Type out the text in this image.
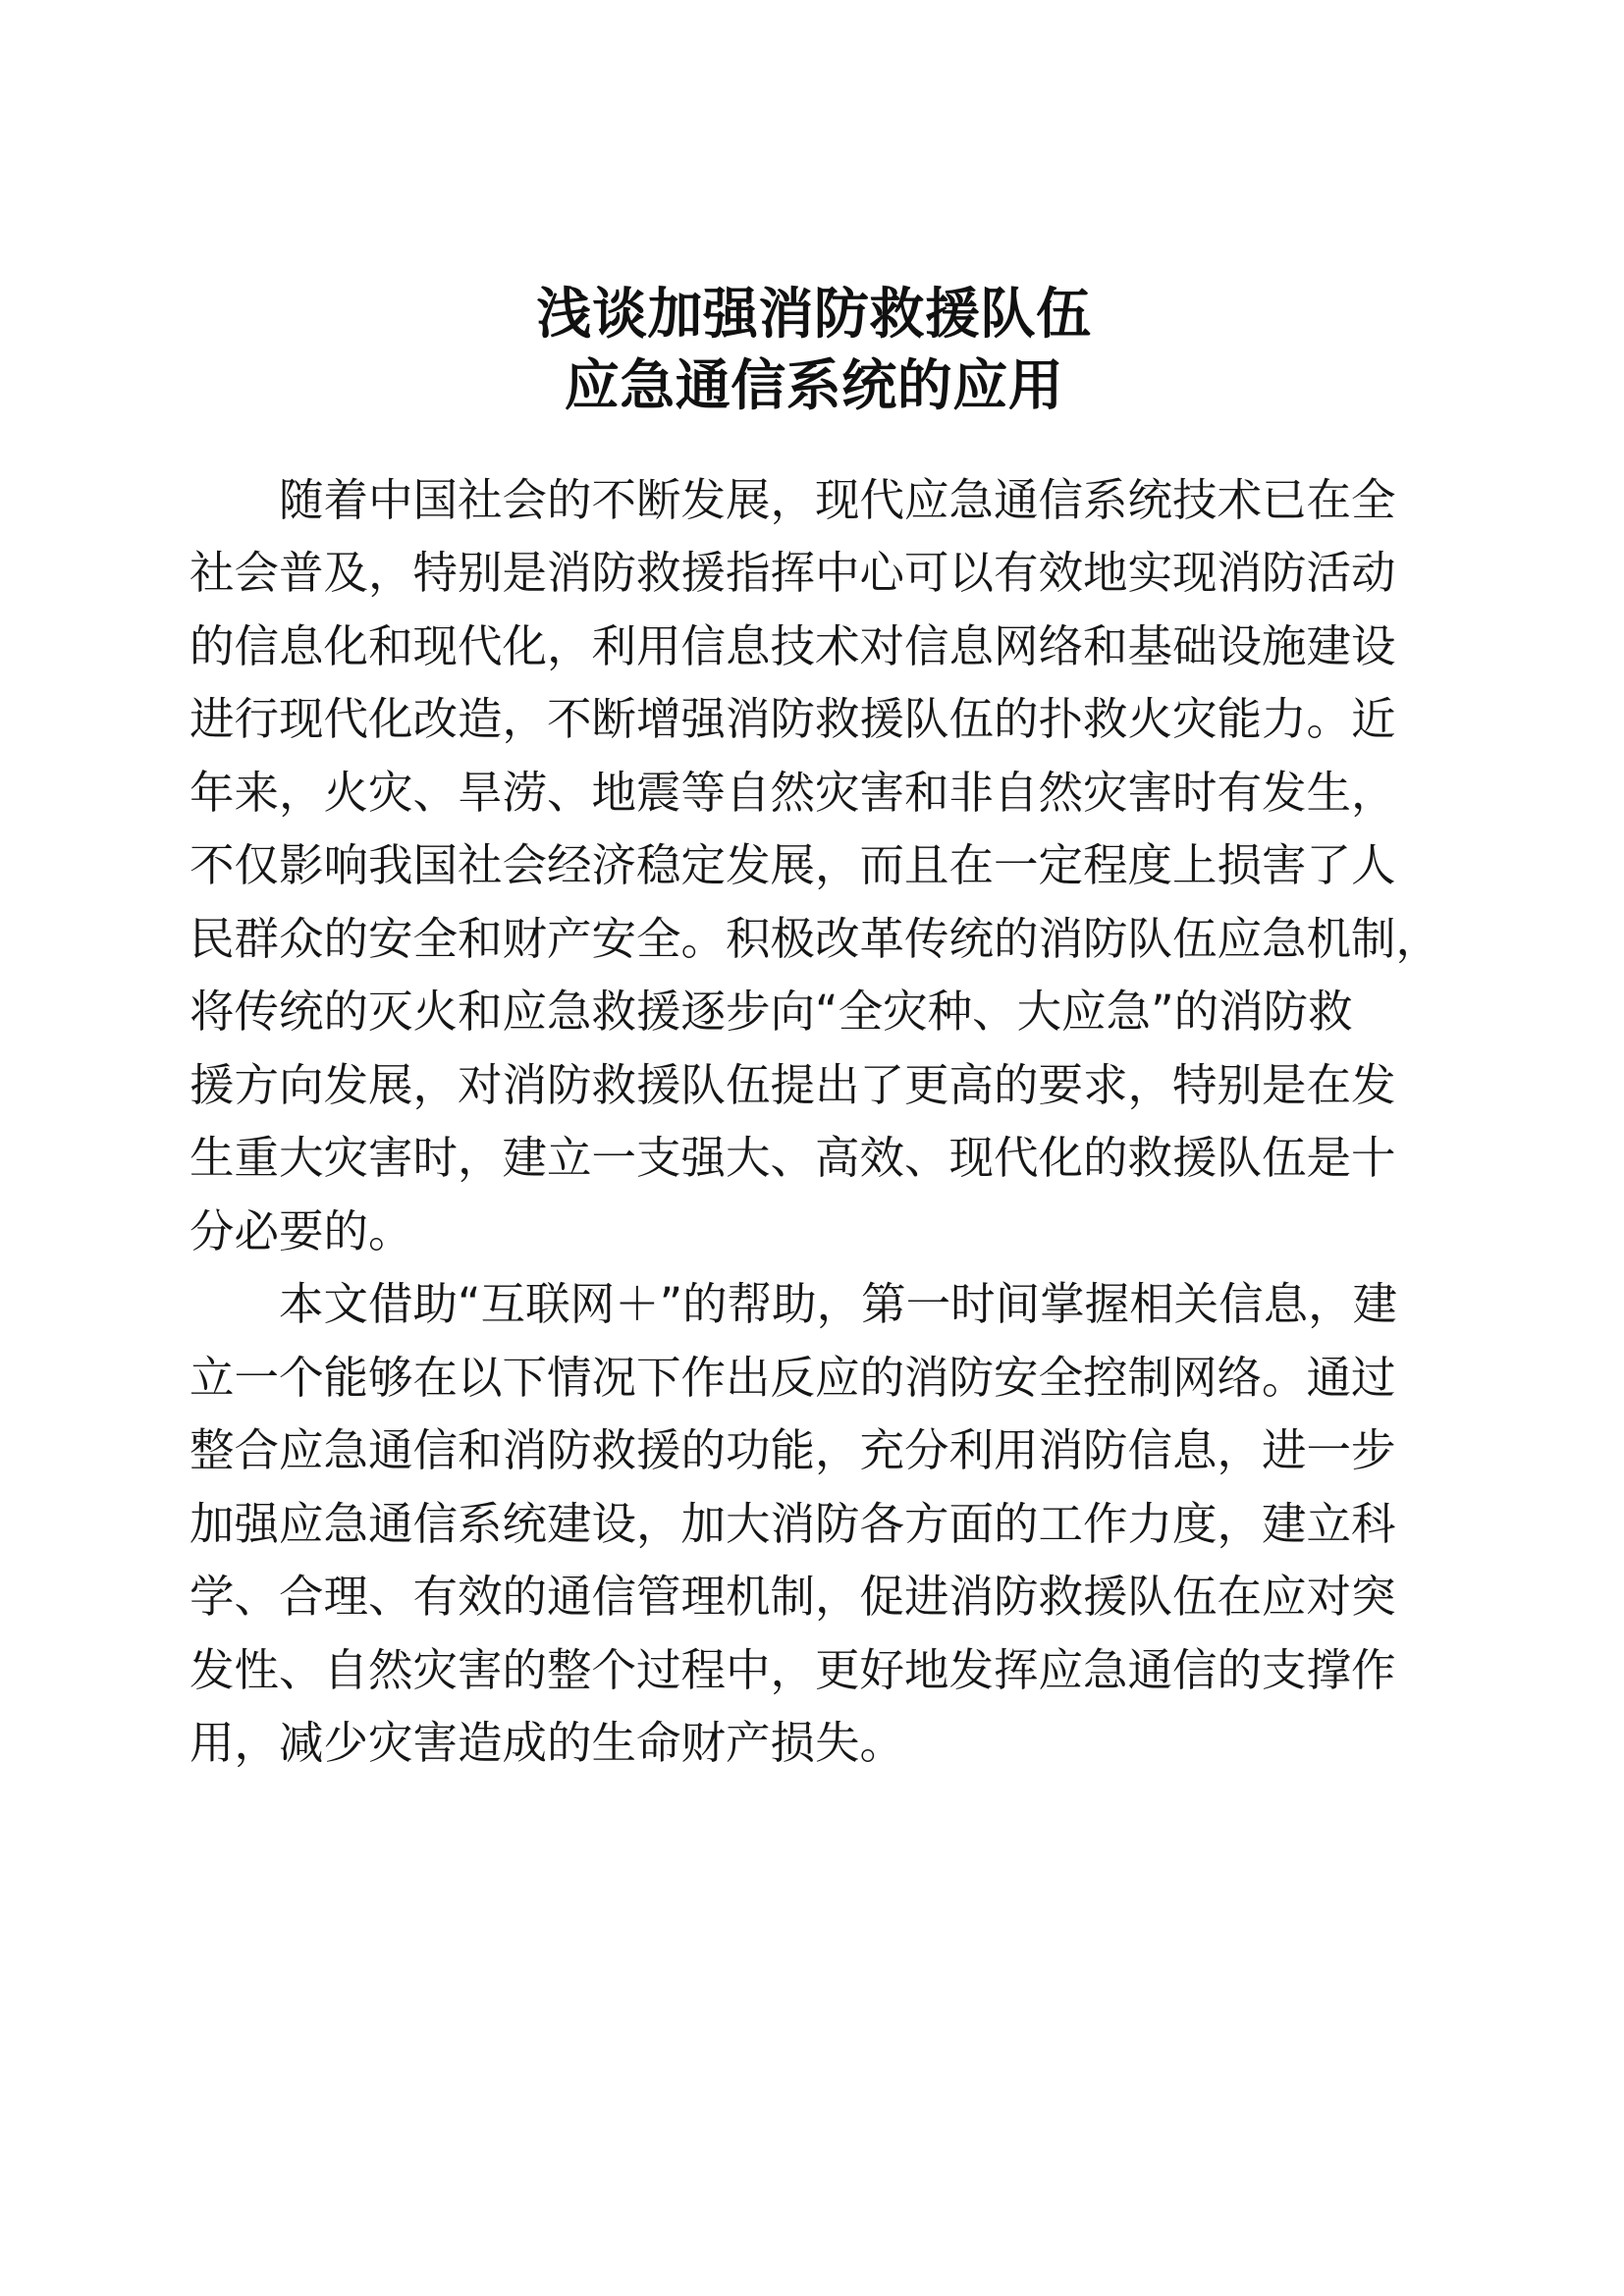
浅谈加强消防救援队伍
应急通信系统的应用

随着中国社会的不断发展，现代应急通信系统技术已在全
社会普及，特别是消防救援指挥中心可以有效地实现消防活动
的信息化和现代化，利用信息技术对信息网络和基础设施建设
进行现代化改造，不断增强消防救援队伍的扑救火灾能力。近
年来，火灾、旱涝、地震等自然灾害和非自然灾害时有发生，
不仅影响我国社会经济稳定发展，而且在一定程度上损害了人
民群众的安全和财产安全。积极改革传统的消防队伍应急机制，
将传统的灭火和应急救援逐步向“全灾种、大应急”的消防救
援方向发展，对消防救援队伍提出了更高的要求，特别是在发
生重大灾害时，建立一支强大、高效、现代化的救援队伍是十
分必要的。

本文借助“互联网＋”的帮助，第一时间掌握相关信息，建
立一个能够在以下情况下作出反应的消防安全控制网络。通过
整合应急通信和消防救援的功能，充分利用消防信息，进一步
加强应急通信系统建设，加大消防各方面的工作力度，建立科
学、合理、有效的通信管理机制，促进消防救援队伍在应对突
发性、自然灾害的整个过程中，更好地发挥应急通信的支撑作
用，减少灾害造成的生命财产损失。
